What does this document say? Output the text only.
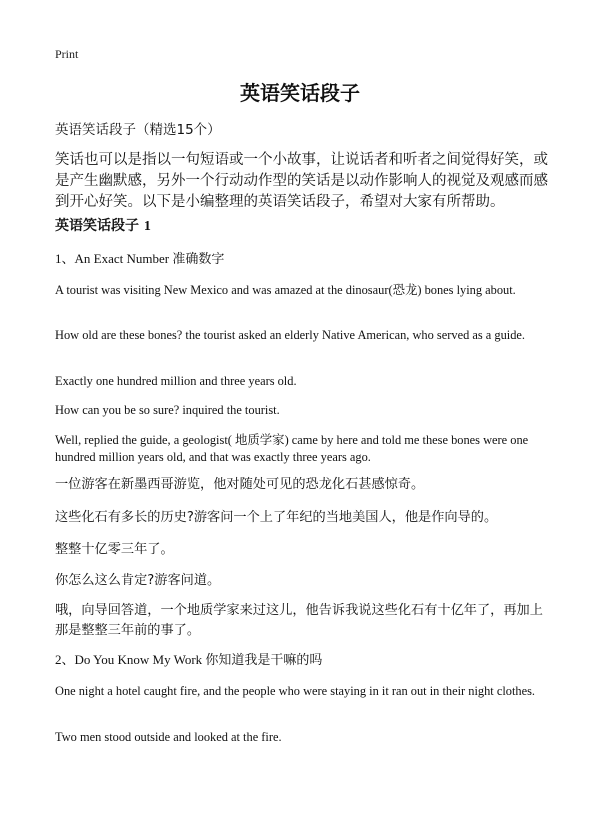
Print
英语笑话段子
英语笑话段子（精选15个）

笑话也可以是指以一句短语或一个小故事，让说话者和听者之间觉得好笑，或是产生幽默感，另外一个行动动作型的笑话是以动作影响人的视觉及观感而感到开心好笑。以下是小编整理的英语笑话段子，希望对大家有所帮助。

英语笑话段子 1
1、An Exact Number 准确数字

A tourist was visiting New Mexico and was amazed at the dinosaur(恐龙) bones lying about.

How old are these bones? the tourist asked an elderly Native American, who served as a guide.

Exactly one hundred million and three years old.

How can you be so sure? inquired the tourist.

Well, replied the guide, a geologist( 地质学家) came by here and told me these bones were one hundred million years old, and that was exactly three years ago.

一位游客在新墨西哥游览，他对随处可见的恐龙化石甚感惊奇。

这些化石有多长的历史?游客问一个上了年纪的当地美国人，他是作向导的。

整整十亿零三年了。

你怎么这么肯定?游客问道。

哦，向导回答道，一个地质学家来过这儿，他告诉我说这些化石有十亿年了，再加上那是整整三年前的事了。

2、Do You Know My Work 你知道我是干嘛的吗

One night a hotel caught fire, and the people who were staying in it ran out in their night clothes.

Two men stood outside and looked at the fire.
